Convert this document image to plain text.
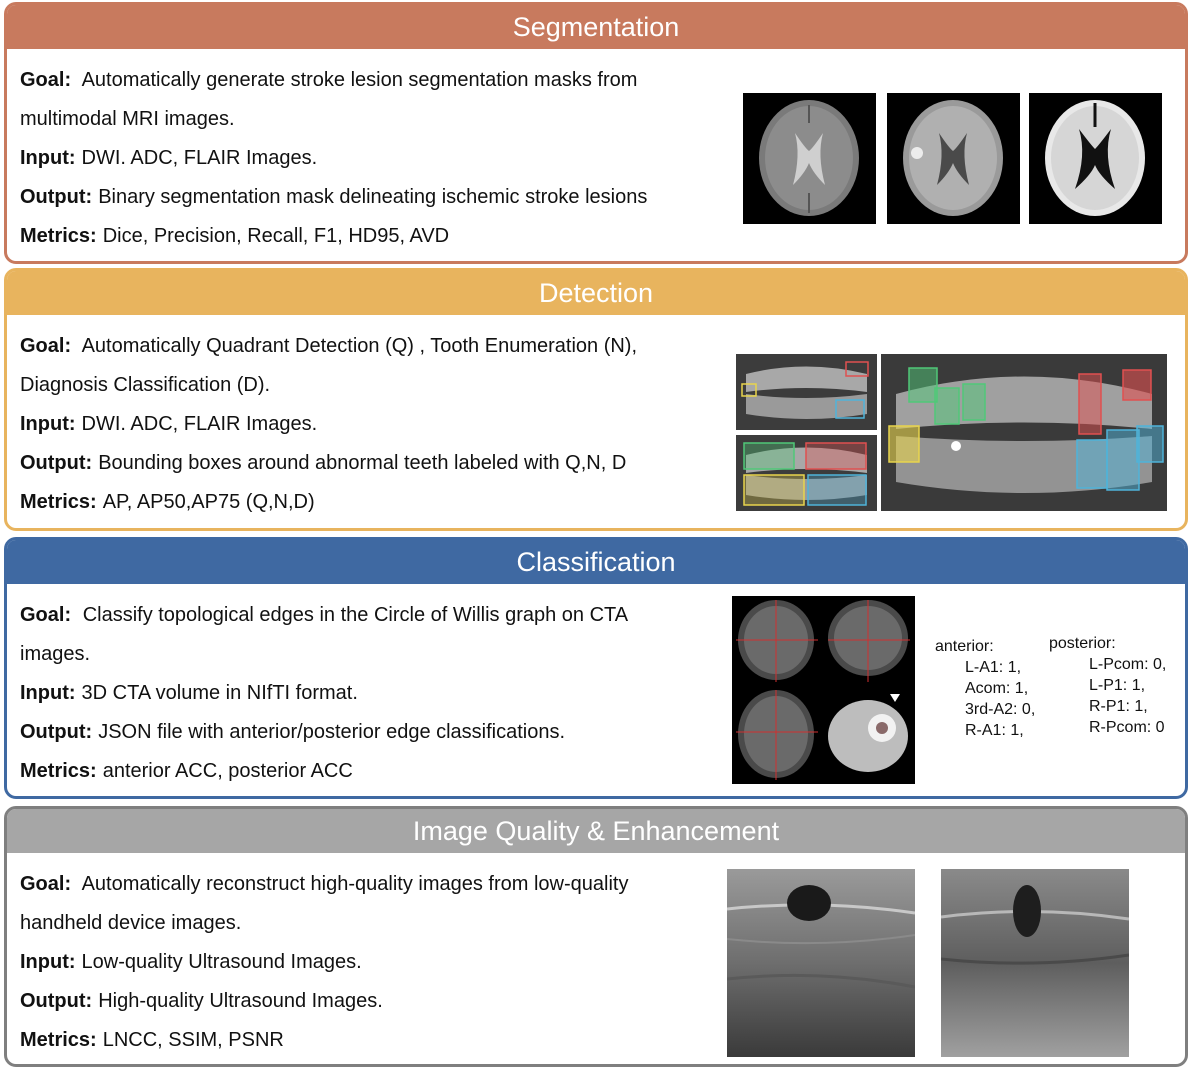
Segmentation
Goal: Automatically generate stroke lesion segmentation masks from
multimodal MRI images.
Input: DWI. ADC, FLAIR Images.
Output: Binary segmentation mask delineating ischemic stroke lesions
Metrics: Dice, Precision, Recall, F1, HD95, AVD
Detection
Goal: Automatically Quadrant Detection (Q) , Tooth Enumeration (N),
Diagnosis Classification (D).
Input: DWI. ADC, FLAIR Images.
Output: Bounding boxes around abnormal teeth labeled with Q,N, D
Metrics: AP, AP50,AP75 (Q,N,D)
Classification
Goal: Classify topological edges in the Circle of Willis graph on CTA
images.
Input: 3D CTA volume in NIfTI format.
Output: JSON file with anterior/posterior edge classifications.
Metrics: anterior ACC, posterior ACC
anterior:
L-A1: 1,
Acom: 1,
3rd-A2: 0,
R-A1: 1,
posterior:
L-Pcom: 0,
L-P1: 1,
R-P1: 1,
R-Pcom: 0
Image Quality & Enhancement
Goal: Automatically reconstruct high-quality images from low-quality
handheld device images.
Input: Low-quality Ultrasound Images.
Output: High-quality Ultrasound Images.
Metrics: LNCC, SSIM, PSNR
